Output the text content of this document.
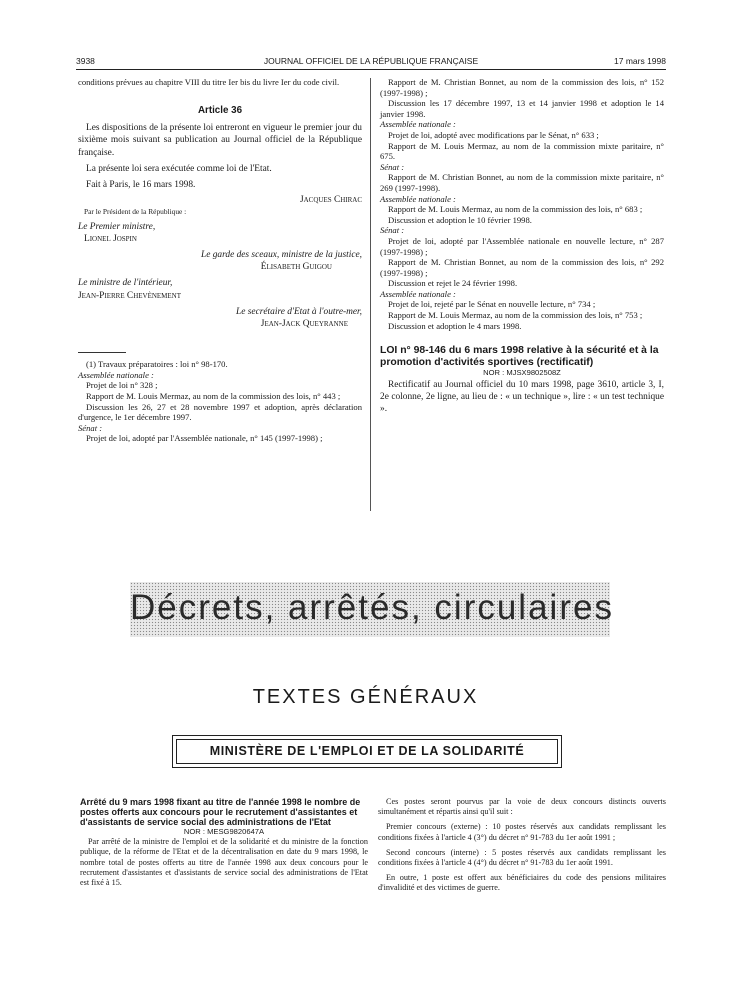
3938	JOURNAL OFFICIEL DE LA RÉPUBLIQUE FRANÇAISE	17 mars 1998

conditions prévues au chapitre VIII du titre Ier bis du livre Ier du code civil.

Article 36

Les dispositions de la présente loi entreront en vigueur le premier jour du sixième mois suivant sa publication au Journal officiel de la République française.

La présente loi sera exécutée comme loi de l'Etat.

Fait à Paris, le 16 mars 1998.

Jacques Chirac

Par le Président de la République :

Le Premier ministre,

Lionel Jospin

Le garde des sceaux, ministre de la justice,

Élisabeth Guigou

Le ministre de l'intérieur,

Jean-Pierre Chevènement

Le secrétaire d'Etat à l'outre-mer,

Jean-Jack Queyranne

(1) Travaux préparatoires : loi n° 98-170.

Assemblée nationale :

Projet de loi n° 328 ;

Rapport de M. Louis Mermaz, au nom de la commission des lois, n° 443 ;

Discussion les 26, 27 et 28 novembre 1997 et adoption, après déclaration d'urgence, le 1er décembre 1997.

Sénat :

Projet de loi, adopté par l'Assemblée nationale, n° 145 (1997-1998) ;

Rapport de M. Christian Bonnet, au nom de la commission des lois, n° 152 (1997-1998) ;

Discussion les 17 décembre 1997, 13 et 14 janvier 1998 et adoption le 14 janvier 1998.

Assemblée nationale :

Projet de loi, adopté avec modifications par le Sénat, n° 633 ;

Rapport de M. Louis Mermaz, au nom de la commission mixte paritaire, n° 675.

Sénat :

Rapport de M. Christian Bonnet, au nom de la commission mixte paritaire, n° 269 (1997-1998).

Assemblée nationale :

Rapport de M. Louis Mermaz, au nom de la commission des lois, n° 683 ;

Discussion et adoption le 10 février 1998.

Sénat :

Projet de loi, adopté par l'Assemblée nationale en nouvelle lecture, n° 287 (1997-1998) ;

Rapport de M. Christian Bonnet, au nom de la commission des lois, n° 292 (1997-1998) ;

Discussion et rejet le 24 février 1998.

Assemblée nationale :

Projet de loi, rejeté par le Sénat en nouvelle lecture, n° 734 ;

Rapport de M. Louis Mermaz, au nom de la commission des lois, n° 753 ;

Discussion et adoption le 4 mars 1998.

LOI n° 98-146 du 6 mars 1998 relative à la sécurité et à la promotion d'activités sportives (rectificatif)

NOR : MJSX9802508Z

Rectificatif au Journal officiel du 10 mars 1998, page 3610, article 3, I, 2e colonne, 2e ligne, au lieu de : « un technique », lire : « un test technique ».

Décrets, arrêtés, circulaires
TEXTES GÉNÉRAUX
MINISTÈRE DE L'EMPLOI ET DE LA SOLIDARITÉ

Arrêté du 9 mars 1998 fixant au titre de l'année 1998 le nombre de postes offerts aux concours pour le recrutement d'assistantes et d'assistants de service social des administrations de l'Etat

NOR : MESG9820647A

Par arrêté de la ministre de l'emploi et de la solidarité et du ministre de la fonction publique, de la réforme de l'Etat et de la décentralisation en date du 9 mars 1998, le nombre total de postes offerts au titre de l'année 1998 aux deux concours pour le recrutement d'assistantes et d'assistants de service social des administrations de l'Etat est fixé à 15.

Ces postes seront pourvus par la voie de deux concours distincts ouverts simultanément et répartis ainsi qu'il suit :

Premier concours (externe) : 10 postes réservés aux candidats remplissant les conditions fixées à l'article 4 (3°) du décret n° 91-783 du 1er août 1991 ;

Second concours (interne) : 5 postes réservés aux candidats remplissant les conditions fixées à l'article 4 (4°) du décret n° 91-783 du 1er août 1991.

En outre, 1 poste est offert aux bénéficiaires du code des pensions militaires d'invalidité et des victimes de guerre.
